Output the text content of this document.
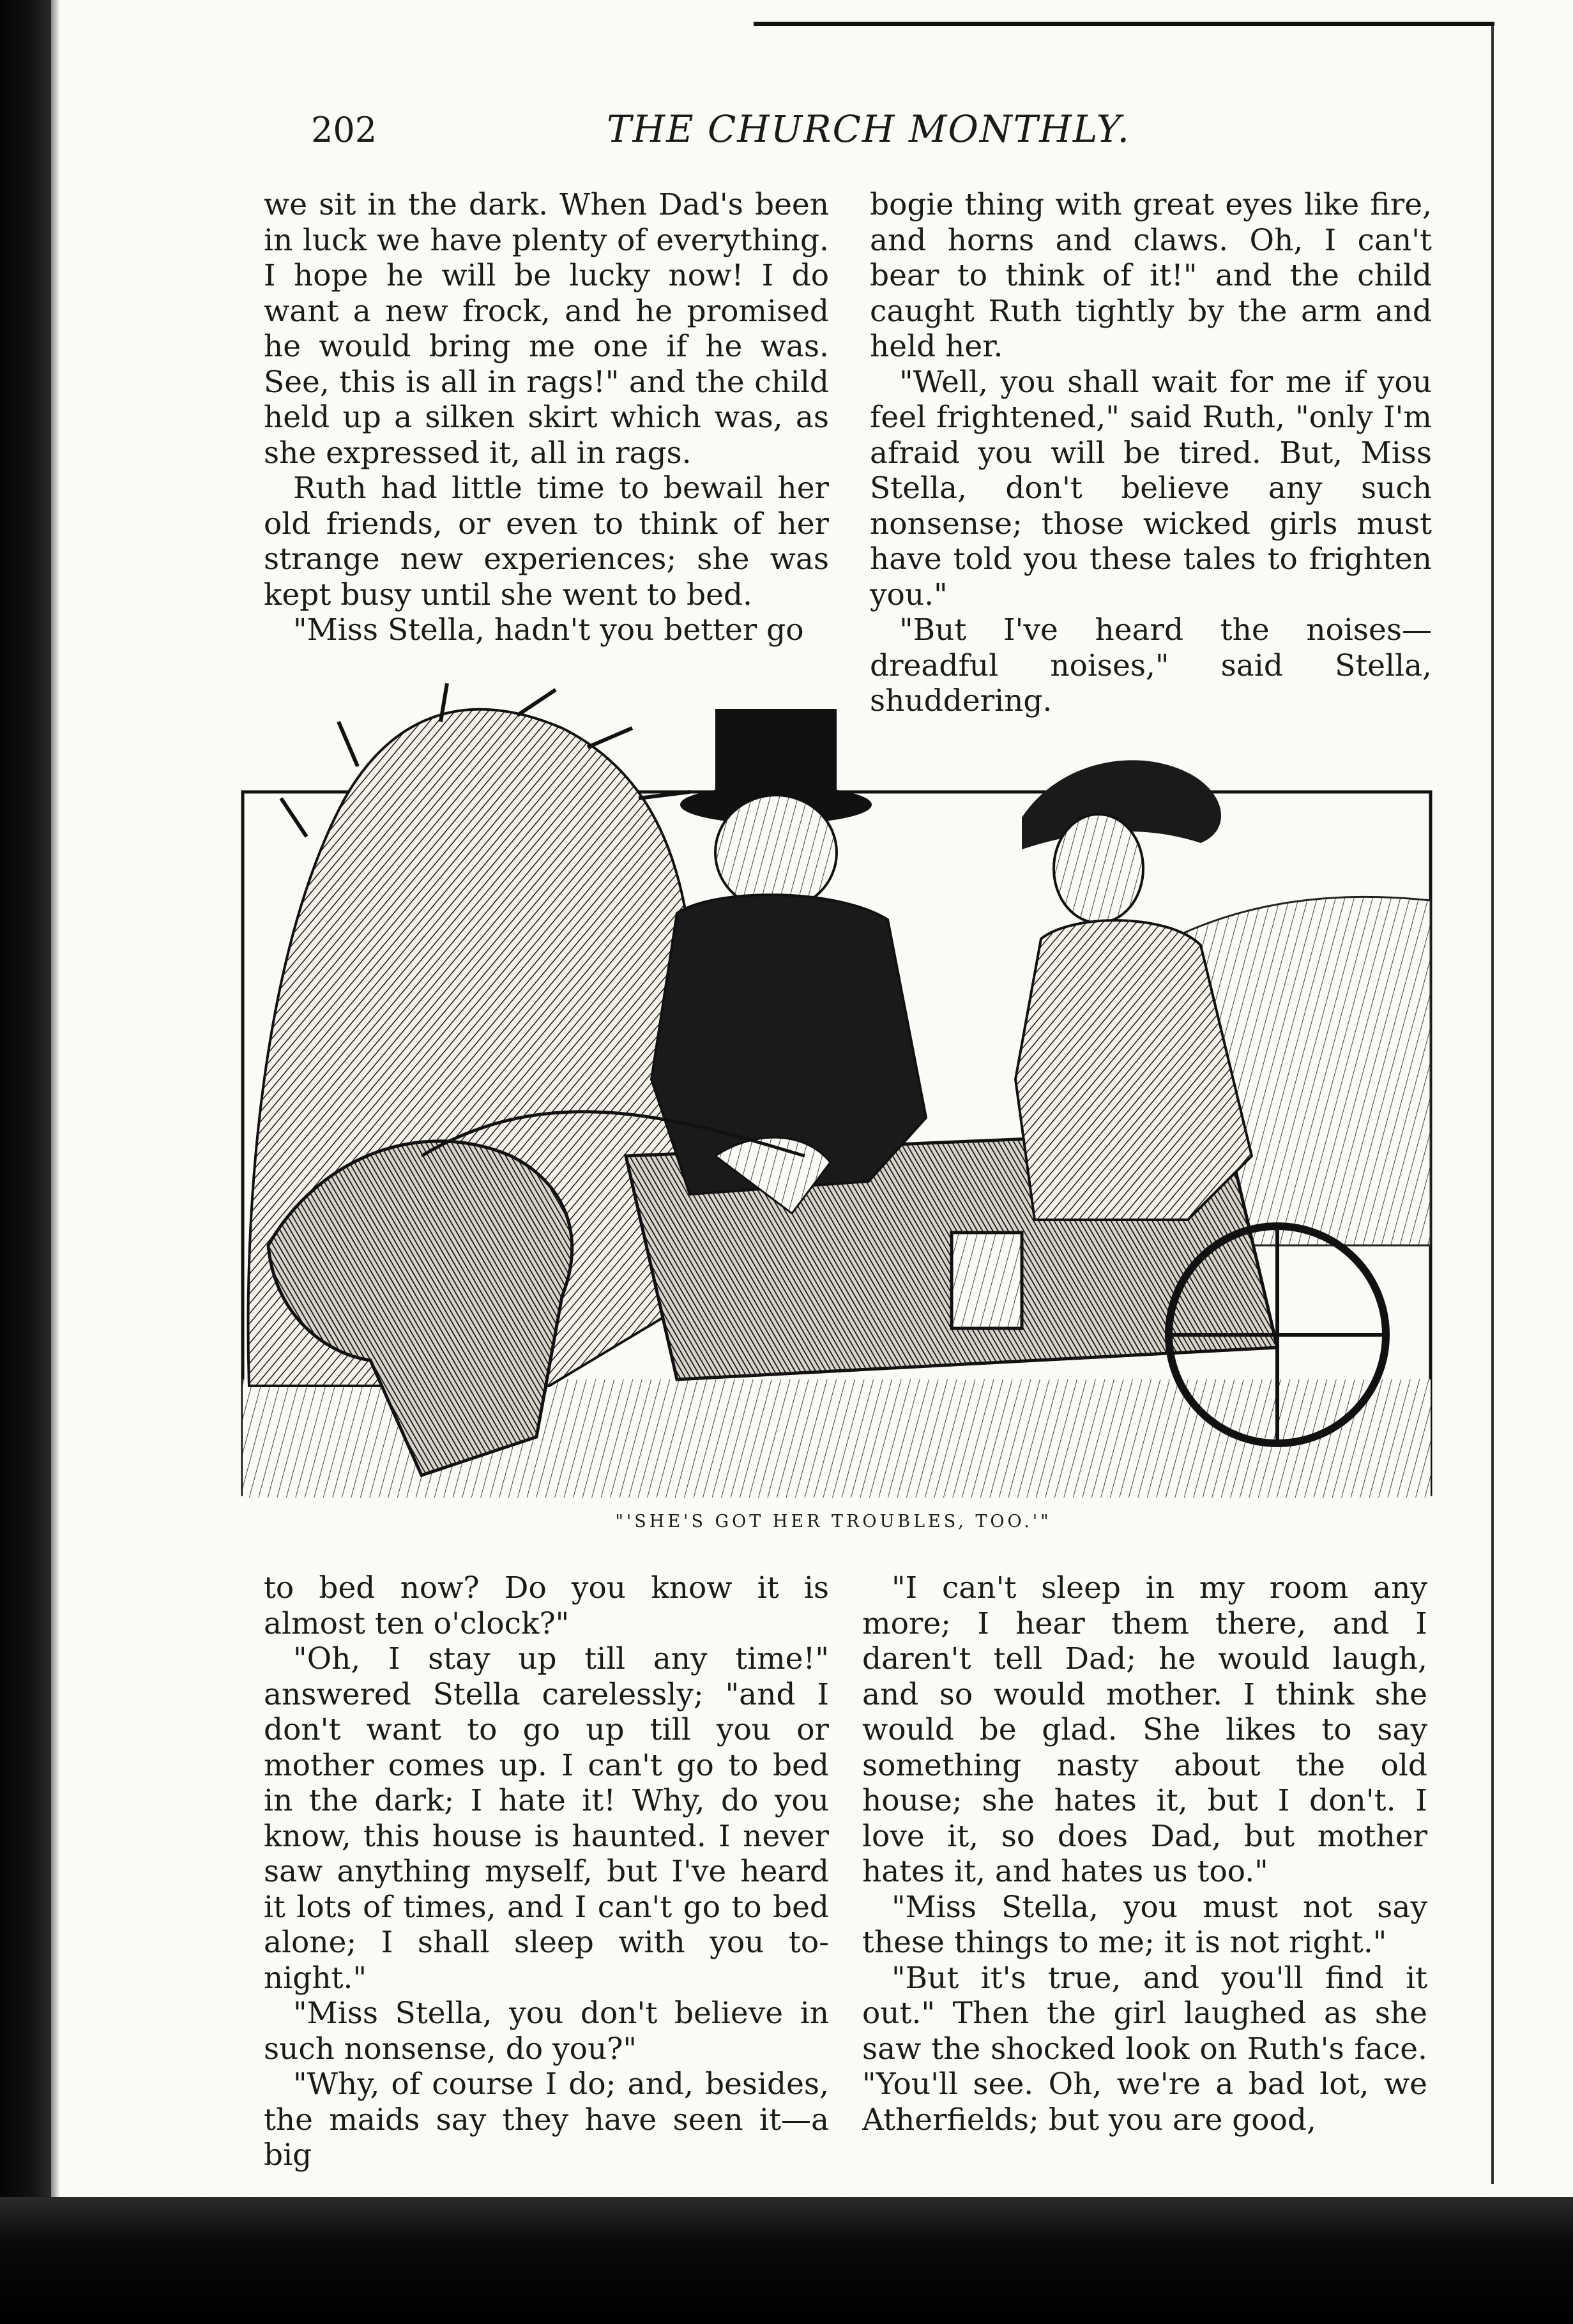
202	THE CHURCH MONTHLY.

we sit in the dark. When Dad's been in luck we have plenty of everything. I hope he will be lucky now! I do want a new frock, and he promised he would bring me one if he was. See, this is all in rags!" and the child held up a silken skirt which was, as she expressed it, all in rags.

Ruth had little time to bewail her old friends, or even to think of her strange new experiences; she was kept busy until she went to bed.

"Miss Stella, hadn't you better go

bogie thing with great eyes like fire, and horns and claws. Oh, I can't bear to think of it!" and the child caught Ruth tightly by the arm and held her.

"Well, you shall wait for me if you feel frightened," said Ruth, "only I'm afraid you will be tired. But, Miss Stella, don't believe any such nonsense; those wicked girls must have told you these tales to frighten you."

"But I've heard the noises—dreadful noises," said Stella, shuddering.

"'SHE'S GOT HER TROUBLES, TOO.'"

to bed now? Do you know it is almost ten o'clock?"

"Oh, I stay up till any time!" answered Stella carelessly; "and I don't want to go up till you or mother comes up. I can't go to bed in the dark; I hate it! Why, do you know, this house is haunted. I never saw anything myself, but I've heard it lots of times, and I can't go to bed alone; I shall sleep with you to-night."

"Miss Stella, you don't believe in such nonsense, do you?"

"Why, of course I do; and, besides, the maids say they have seen it—a big

"I can't sleep in my room any more; I hear them there, and I daren't tell Dad; he would laugh, and so would mother. I think she would be glad. She likes to say something nasty about the old house; she hates it, but I don't. I love it, so does Dad, but mother hates it, and hates us too."

"Miss Stella, you must not say these things to me; it is not right."

"But it's true, and you'll find it out." Then the girl laughed as she saw the shocked look on Ruth's face. "You'll see. Oh, we're a bad lot, we Atherfields; but you are good,
